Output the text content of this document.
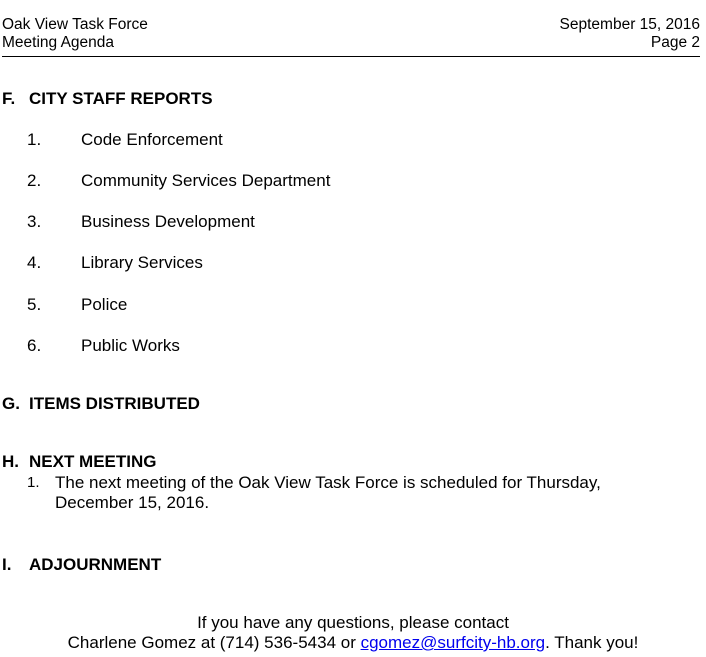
Oak View Task Force
Meeting Agenda
September 15, 2016
Page 2
F. CITY STAFF REPORTS
1. Code Enforcement
2. Community Services Department
3. Business Development
4. Library Services
5. Police
6. Public Works
G. ITEMS DISTRIBUTED
H. NEXT MEETING
1. The next meeting of the Oak View Task Force is scheduled for Thursday, December 15, 2016.
I. ADJOURNMENT
If you have any questions, please contact
Charlene Gomez at (714) 536-5434 or cgomez@surfcity-hb.org. Thank you!
